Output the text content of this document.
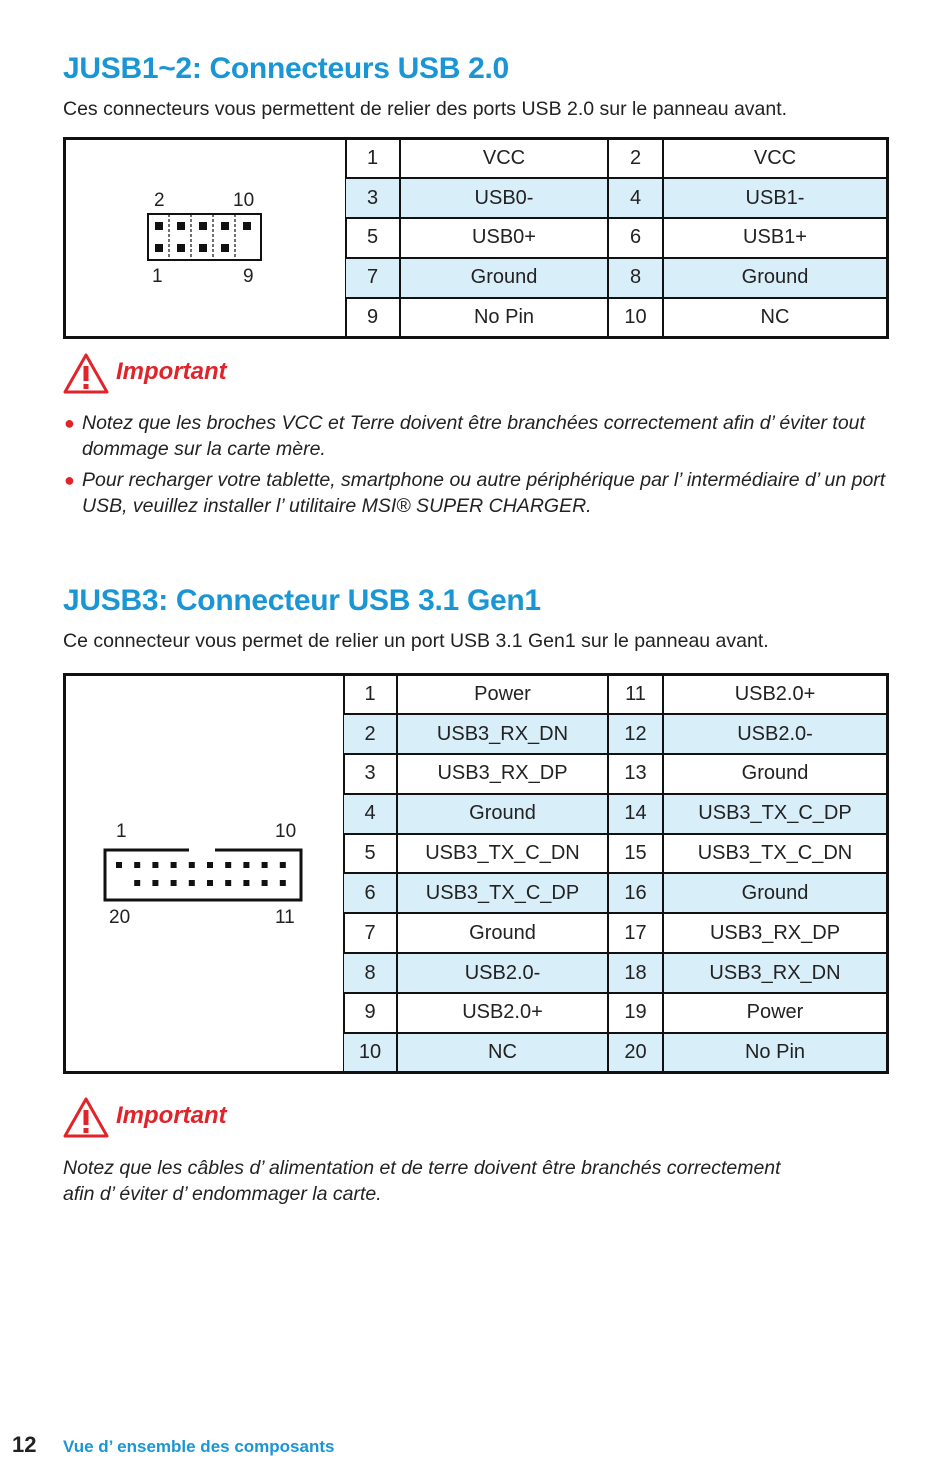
JUSB1~2: Connecteurs USB 2.0
Ces connecteurs vous permettent de relier des ports USB 2.0 sur le panneau avant.
2	10
1	9
1	VCC	2	VCC
3	USB0-	4	USB1-
5	USB0+	6	USB1+
7	Ground	8	Ground
9	No Pin	10	NC
Important
● Notez que les broches VCC et Terre doivent être branchées correctement afin d’ éviter tout dommage sur la carte mère.
● Pour recharger votre tablette, smartphone ou autre périphérique par l’ intermédiaire d’ un port USB, veuillez installer l’ utilitaire MSI® SUPER CHARGER.
JUSB3: Connecteur USB 3.1 Gen1
Ce connecteur vous permet de relier un port USB 3.1 Gen1 sur le panneau avant.
1	10
20	11
1	Power	11	USB2.0+
2	USB3_RX_DN	12	USB2.0-
3	USB3_RX_DP	13	Ground
4	Ground	14	USB3_TX_C_DP
5	USB3_TX_C_DN	15	USB3_TX_C_DN
6	USB3_TX_C_DP	16	Ground
7	Ground	17	USB3_RX_DP
8	USB2.0-	18	USB3_RX_DN
9	USB2.0+	19	Power
10	NC	20	No Pin
Important
Notez que les câbles d’ alimentation et de terre doivent être branchés correctement
afin d’ éviter d’ endommager la carte.
12 Vue d’ ensemble des composants
